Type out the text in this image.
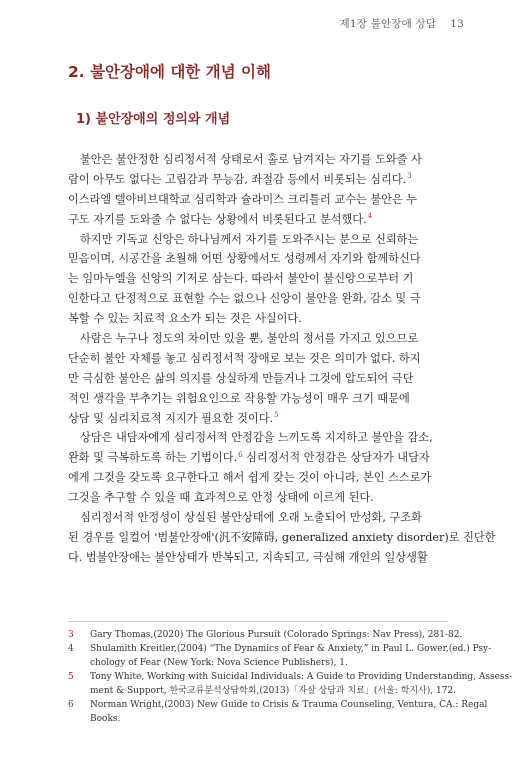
제1장 불안장애 상담 13
2. 불안장애에 대한 개념 이해
1) 불안장애의 정의와 개념
불안은 불안정한 심리정서적 상태로서 홀로 남겨지는 자기를 도와줄 사
람이 아무도 없다는 고립감과 무능감, 좌절감 등에서 비롯되는 심리다.$^3$
이스라엘 텔아비브대학교 심리학과 슐라미스 크리틀러 교수는 불안은 누
구도 자기를 도와줄 수 없다는 상황에서 비롯된다고 분석했다.$^4$
하지만 기독교 신앙은 하나님께서 자기를 도와주시는 분으로 신뢰하는
믿음이며, 시공간을 초월해 어떤 상황에서도 성령께서 자기와 함께하신다
는 임마누엘을 신앙의 기저로 삼는다. 따라서 불안이 불신앙으로부터 기
인한다고 단정적으로 표현할 수는 없으나 신앙이 불안을 완화, 감소 및 극
복할 수 있는 치료적 요소가 되는 것은 사실이다.
사람은 누구나 정도의 차이만 있을 뿐, 불안의 정서를 가지고 있으므로
단순히 불안 자체를 놓고 심리정서적 장애로 보는 것은 의미가 없다. 하지
만 극심한 불안은 삶의 의지를 상실하게 만들거나 그것에 압도되어 극단
적인 생각을 부추기는 위험요인으로 작용할 가능성이 매우 크기 때문에
상담 및 심리치료적 지지가 필요한 것이다.$^5$
상담은 내담자에게 심리정서적 안정감을 느끼도록 지지하고 불안을 감소,
완화 및 극복하도록 하는 기법이다.$^6$ 심리정서적 안정감은 상담자가 내담자
에게 그것을 갖도록 요구한다고 해서 쉽게 갖는 것이 아니라, 본인 스스로가
그것을 추구할 수 있을 때 효과적으로 안정 상태에 이르게 된다.
심리정서적 안정성이 상실된 불안상태에 오래 노출되어 만성화, 구조화
된 경우를 일컬어 '범불안장애'(汎不安障碍, generalized anxiety disorder)로 진단한
다. 범불안장애는 불안상태가 반복되고, 지속되고, 극심해 개인의 일상생활
3	Gary Thomas,(2020) The Glorious Pursuit (Colorado Springs: Nav Press), 281-82.
4	Shulamith Kreitler,(2004) “The Dynamics of Fear & Anxiety,” in Paul L. Gower,(ed.) Psy-
chology of Fear (New York: Nova Science Publishers), 1.
5	Tony White, Working with Suicidal Individuals: A Guide to Providing Understanding, Assess-
ment & Support, 한국교류분석상담학회,(2013)「자살 상담과 치료」(서울: 학지사), 172.
6	Norman Wright,(2003) New Guide to Crisis & Trauma Counseling, Ventura, CA.: Regal
Books.
